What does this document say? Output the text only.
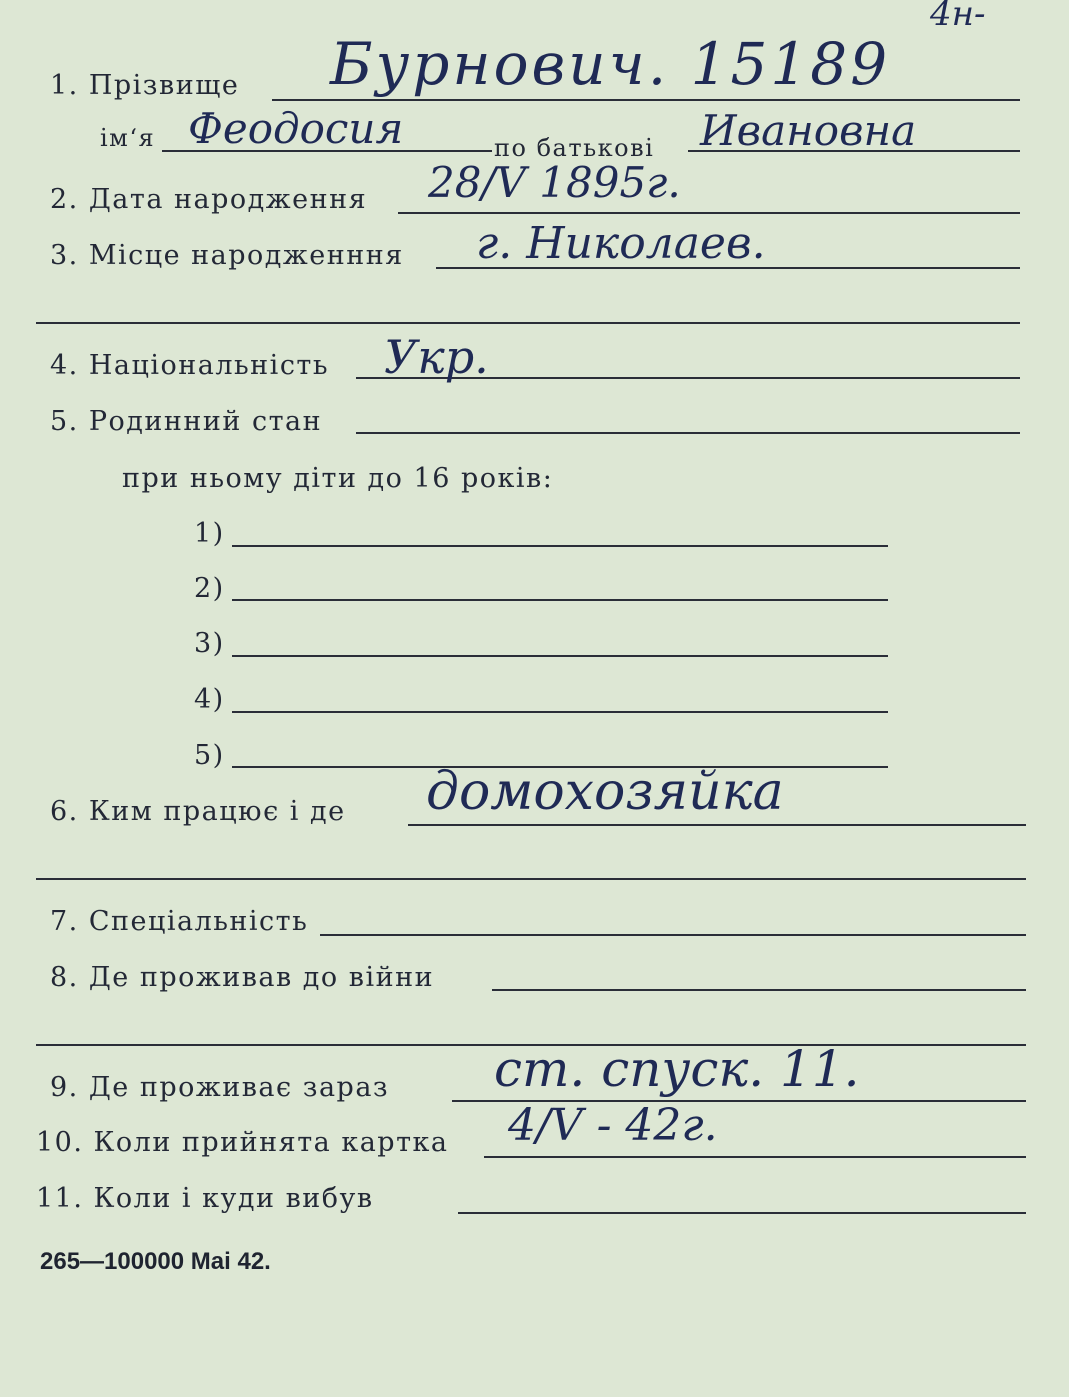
4н-
1. Прізвище Бурнович. 15189
ім‘я Феодосия	по батькові Ивановна
2. Дата народження 28/V 1895г.
3. Місце народженння г. Николаев.
4. Національність Укр.
5. Родинний стан
при ньому діти до 16 років:
1)
2)
3)
4)
5)
6. Ким працює і де домохозяйка
7. Спеціальність
8. Де проживав до війни
9. Де проживає зараз ст. спуск. 11.
10. Коли прийнята картка 4/V - 42г.
11. Коли і куди вибув
265—100000 Mai 42.
